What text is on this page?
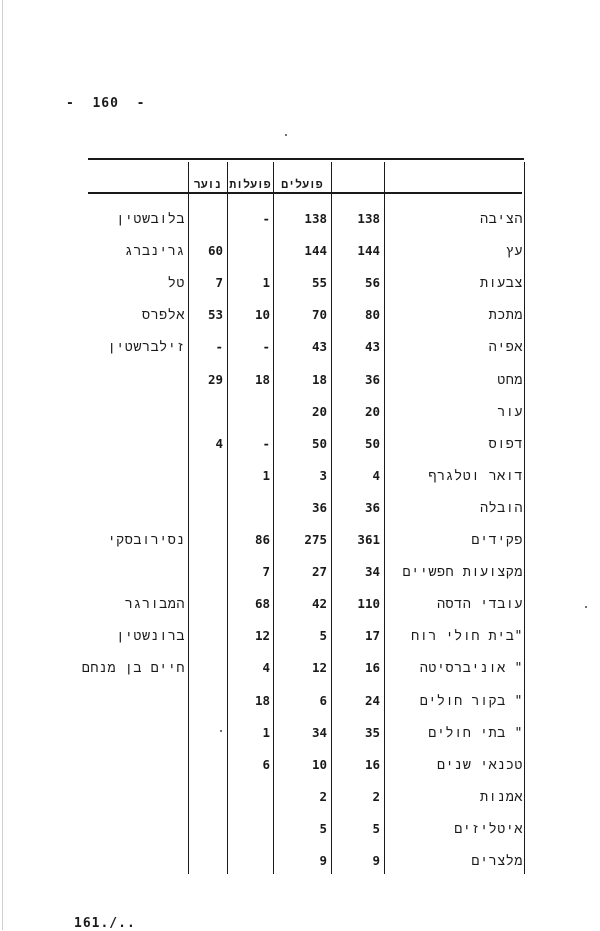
-  160  -
נוער פועלות פועלים
הציבה
138
138
-
בלובשטין
עץ
144
144
60
גרינברג
צבעות
56
55
1
7
טל
מתכת
80
70
10
53
אלפרס
אפיה
43
43
-
-
זילברשטין
מחט
36
18
18
29
עור
20
20
דפוס
50
50
-
4
דואר וטלגרף
4
3
1
הובלה
36
36
פקידים
361
275
86
נסירובסקי
מקצועות חפשיים
34
27
7
עובדי הדסה
110
42
68
המבורגר
"בית חולי רוח
17
5
12
ברונשטין
" אוניברסיטה
16
12
4
חיים בן מנחם
" בקור חולים
24
6
18
" בתי חולים
35
34
1
טכנאי שנים
16
10
6
אמנות
2
2
איטליזים
5
5
מלצרים
9
9
161./..
